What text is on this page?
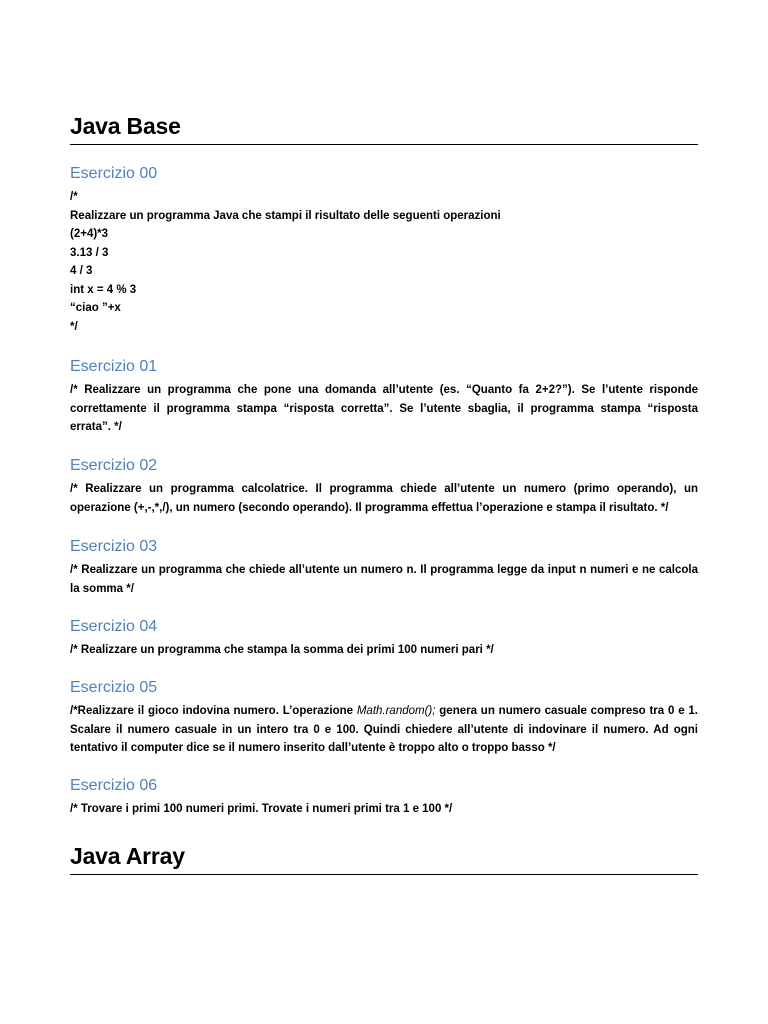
Java Base
Esercizio 00

/*
Realizzare un programma Java che stampi il risultato delle seguenti operazioni
(2+4)*3
3.13 / 3
4 / 3
int x = 4 % 3
“ciao ”+x
*/

Esercizio 01

/* Realizzare un programma che pone una domanda all’utente (es. “Quanto fa 2+2?”). Se l’utente risponde correttamente il programma stampa “risposta corretta”. Se l’utente sbaglia, il programma stampa “risposta errata”. */

Esercizio 02

/* Realizzare un programma calcolatrice. Il programma chiede all’utente un numero (primo operando), un operazione (+,-,*,/), un numero (secondo operando). Il programma effettua l’operazione e stampa il risultato. */

Esercizio 03

/* Realizzare un programma che chiede all’utente un numero n. Il programma legge da input n numeri e ne calcola la somma */

Esercizio 04

/* Realizzare un programma che stampa la somma dei primi 100 numeri pari */

Esercizio 05

/*Realizzare il gioco indovina numero. L’operazione Math.random(); genera un numero casuale compreso tra 0 e 1. Scalare il numero casuale in un intero tra 0 e 100. Quindi chiedere all’utente di indovinare il numero. Ad ogni tentativo il computer dice se il numero inserito dall’utente è troppo alto o troppo basso */

Esercizio 06

/* Trovare i primi 100 numeri primi. Trovate i numeri primi tra 1 e 100 */

Java Array
